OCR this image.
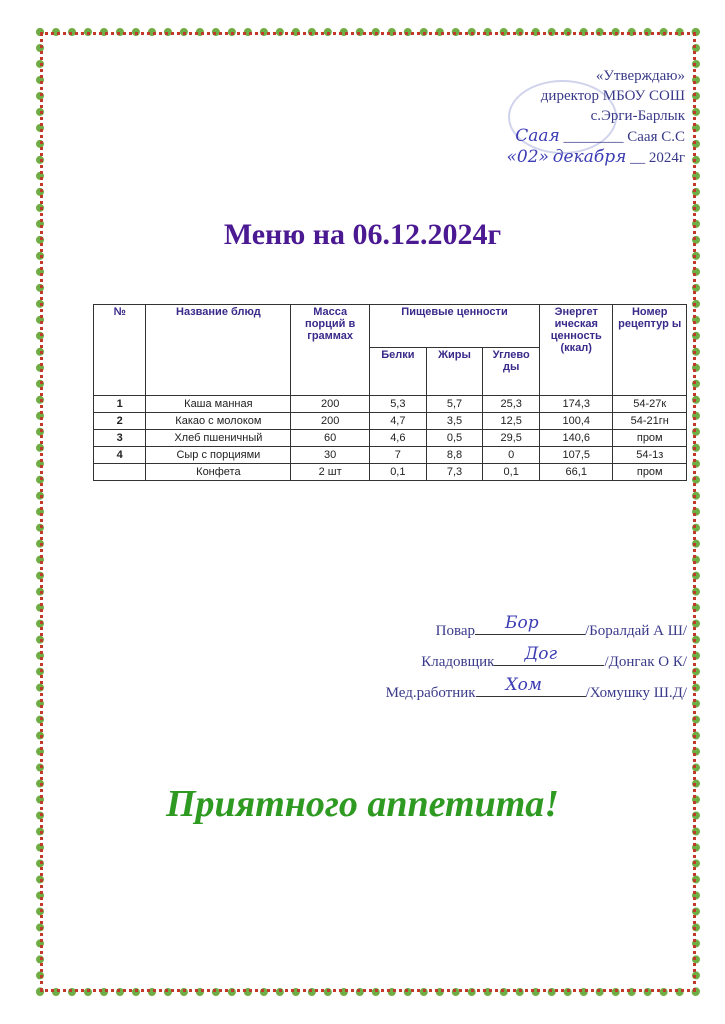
«Утверждаю»
директор МБОУ СОШ
с.Эрги-Барлык
Саая ________ Саая С.С
«02» декабря __ 2024г
Меню на 06.12.2024г
№	Название блюд	Масса порций в граммах	Пищевые ценности			Энергет ическая ценность (ккал)	Номер рецептур ы
			Белки	Жиры	Углево ды		
1	Каша манная	200	5,3	5,7	25,3	174,3	54-27к
2	Какао с молоком	200	4,7	3,5	12,5	100,4	54-21гн
3	Хлеб пшеничный	60	4,6	0,5	29,5	140,6	пром
4	Сыр с порциями	30	7	8,8	0	107,5	54-1з
	Конфета	2 шт	0,1	7,3	0,1	66,1	пром
Повар Бор	/Боралдай А Ш/
Кладовщик Дог	/Донгак О К/
Мед.работник Хом	/Хомушку Ш.Д/
Приятного аппетита!
